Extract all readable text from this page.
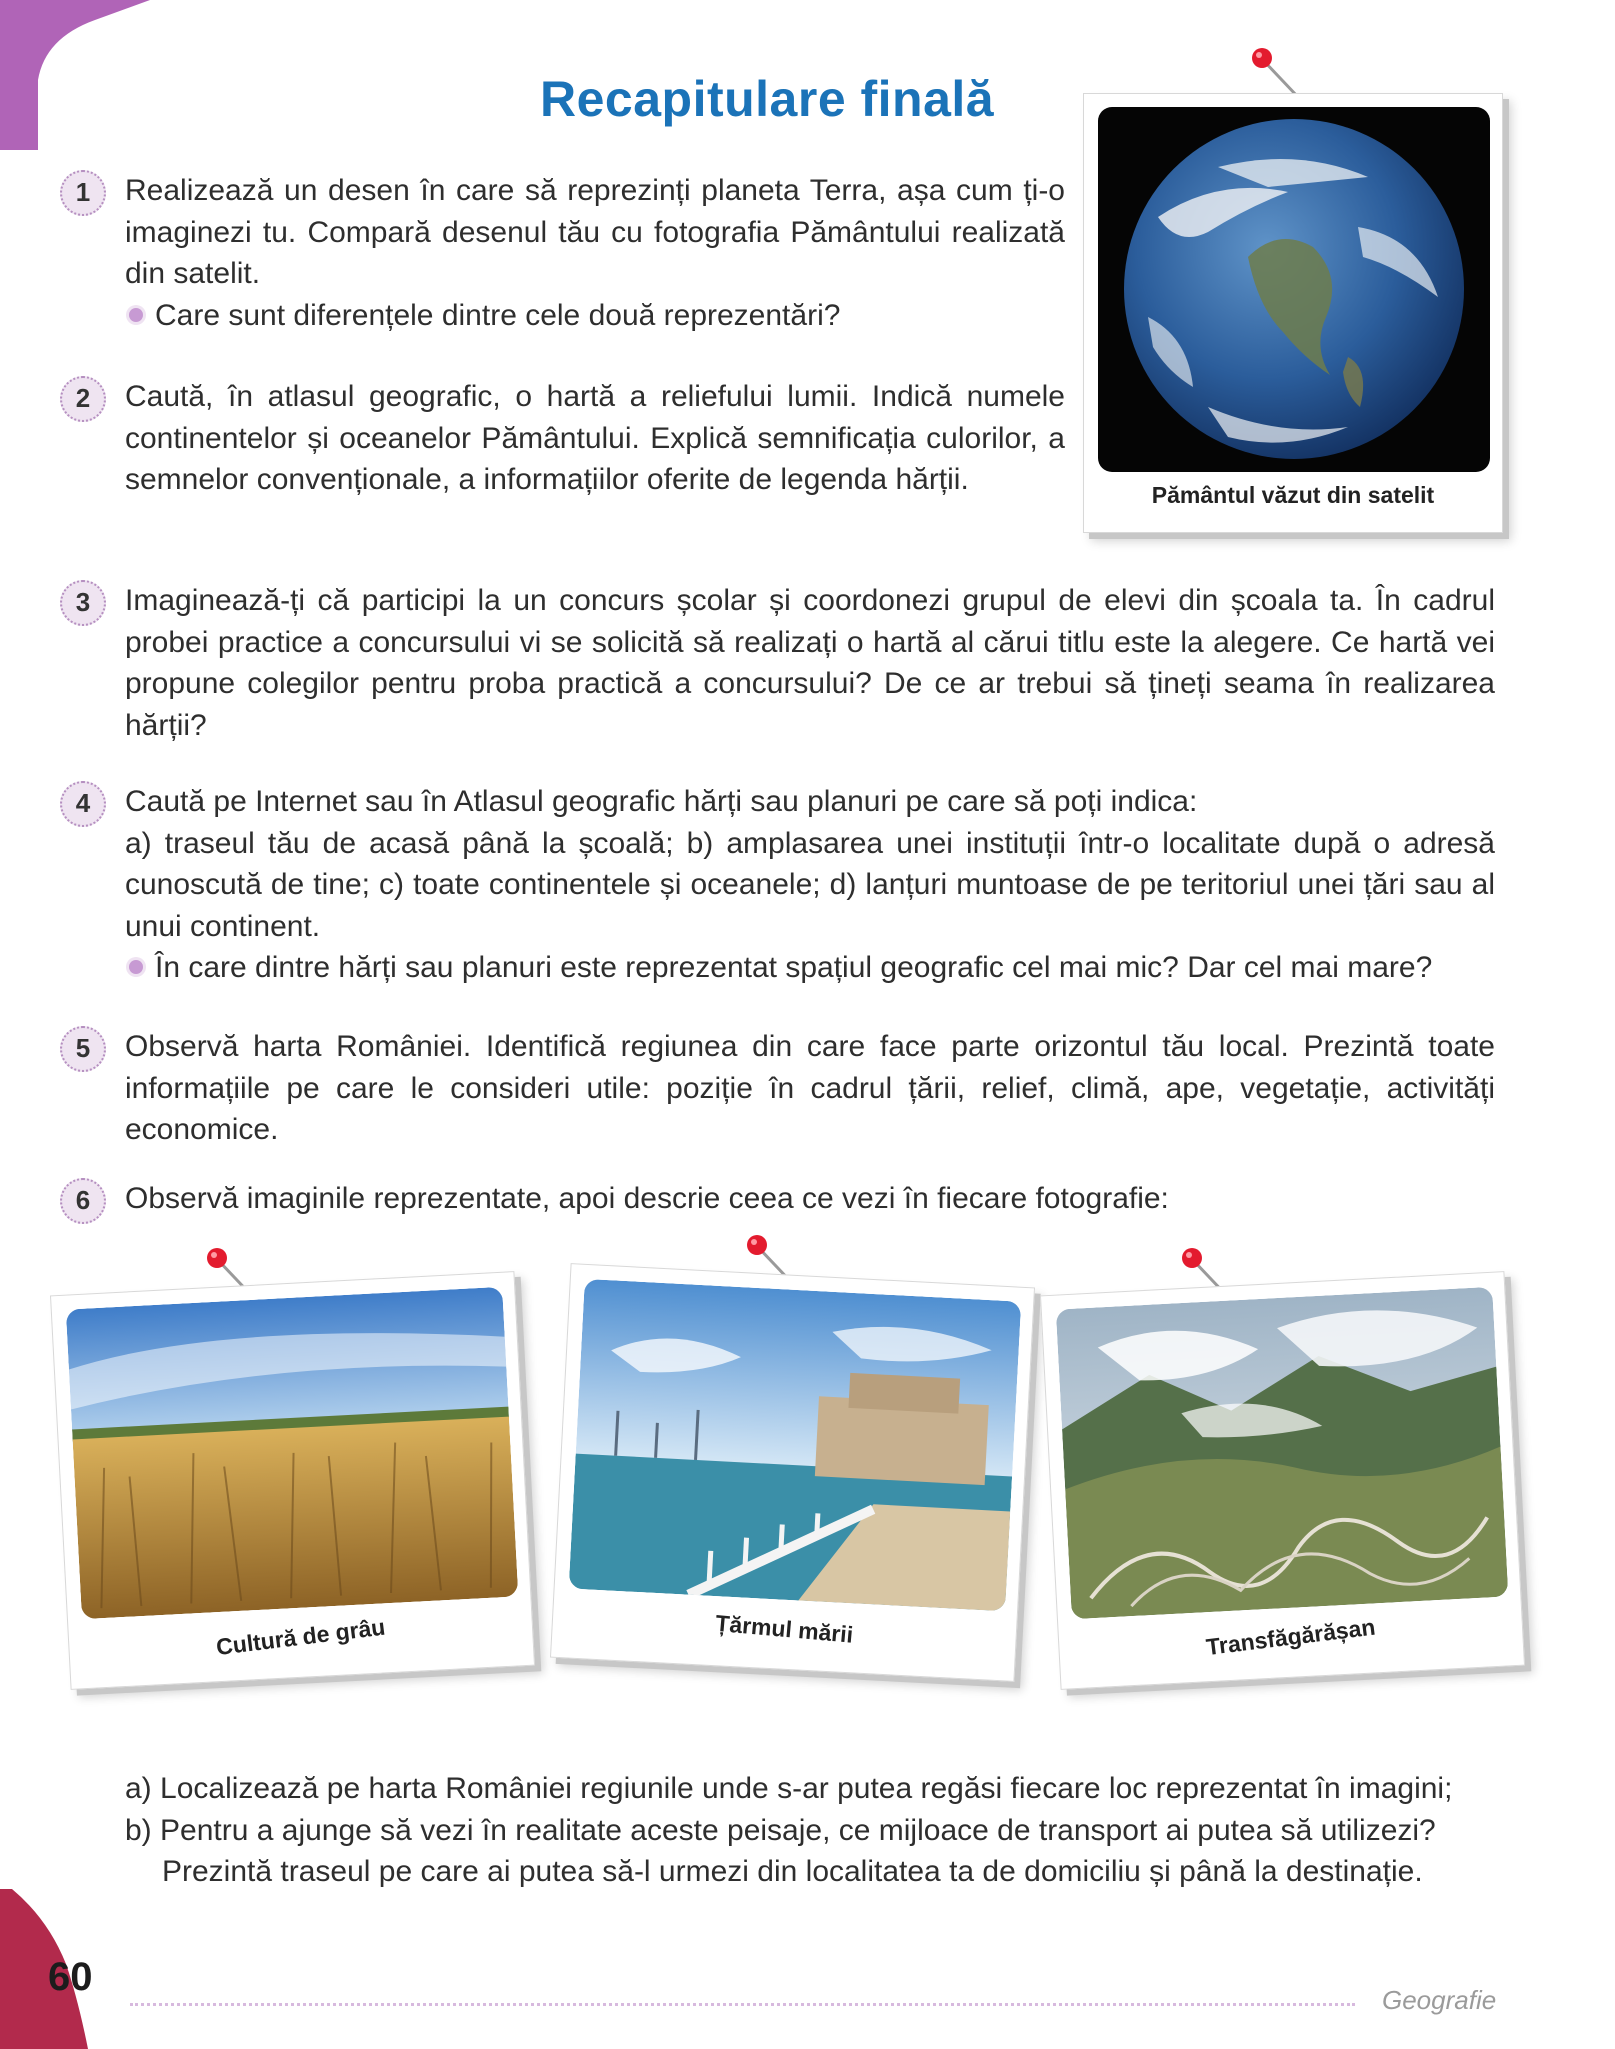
Recapitulare finală
Pământul văzut din satelit
1	Realizează un desen în care să reprezinți planeta Terra, așa cum ți-o imaginezi tu. Compară desenul tău cu fotografia Pământului realizată din satelit.

Care sunt diferențele dintre cele două reprezentări?

2	Caută, în atlasul geografic, o hartă a reliefului lumii. Indică numele continentelor și oceanelor Pământului. Explică semnificația culorilor, a semnelor convenționale, a informațiilor oferite de legenda hărții.

3	Imaginează-ți că participi la un concurs școlar și coordonezi grupul de elevi din școala ta. În cadrul probei practice a concursului vi se solicită să realizați o hartă al cărui titlu este la alegere. Ce hartă vei propune colegilor pentru proba practică a concursului? De ce ar trebui să țineți seama în realizarea hărții?

4	Caută pe Internet sau în Atlasul geografic hărți sau planuri pe care să poți indica:

a) traseul tău de acasă până la școală; b) amplasarea unei instituții într-o localitate după o adresă cunoscută de tine; c) toate continentele și oceanele; d) lanțuri muntoase de pe teritoriul unei țări sau al unui continent.

În care dintre hărți sau planuri este reprezentat spațiul geografic cel mai mic? Dar cel mai mare?

5	Observă harta României. Identifică regiunea din care face parte orizontul tău local. Prezintă toate informațiile pe care le consideri utile: poziție în cadrul țării, relief, climă, ape, vegetație, activități economice.

6	Observă imaginile reprezentate, apoi descrie ceea ce vezi în fiecare fotografie:

Cultură de grâu	Țărmul mării	Transfăgărășan

a) Localizează pe harta României regiunile unde s-ar putea regăsi fiecare loc reprezentat în imagini;

b) Pentru a ajunge să vezi în realitate aceste peisaje, ce mijloace de transport ai putea să utilizezi?

Prezintă traseul pe care ai putea să-l urmezi din localitatea ta de domiciliu și până la destinație.

60
Geografie
